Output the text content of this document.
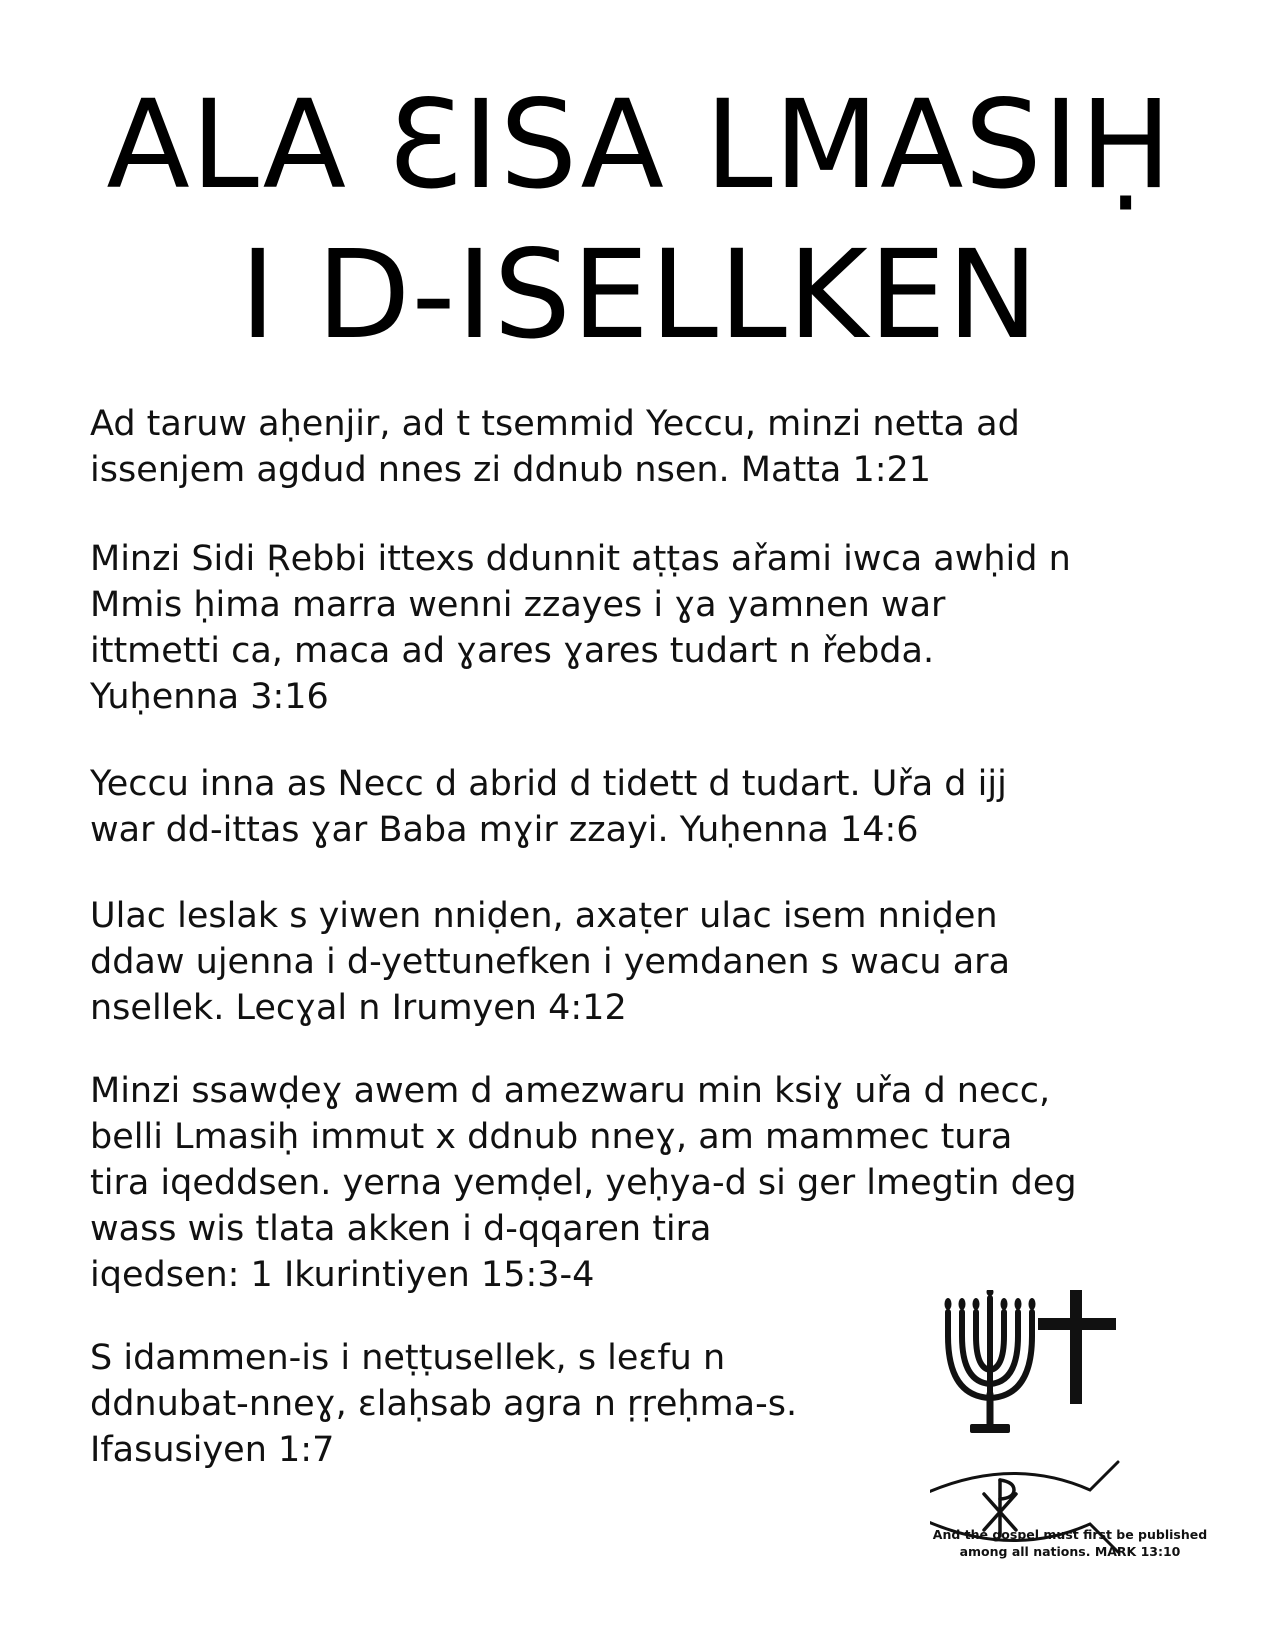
ALA ƐISA LMASIḤ
I D-ISELLKEN

Ad taruw aḥenjir, ad t tsemmid Yeccu, minzi netta ad
issenjem agdud nnes zi ddnub nsen. Matta 1:21

Minzi Sidi Ṛebbi ittexs ddunnit aṭṭas ařami iwca awḥid n
Mmis ḥima marra wenni zzayes i ɣa yamnen war
ittmetti ca, maca ad ɣares ɣares tudart n řebda.
Yuḥenna 3:16

Yeccu inna as Necc d abrid d tidett d tudart. Uřa d ijj
war dd-ittas ɣar Baba mɣir zzayi. Yuḥenna 14:6

Ulac leslak s yiwen nniḍen, axaṭer ulac isem nniḍen
ddaw ujenna i d-yettunefken i yemdanen s wacu ara
nsellek. Lecɣal n Irumyen 4:12

Minzi ssawḍeɣ awem d amezwaru min ksiɣ uřa d necc,
belli Lmasiḥ immut x ddnub nneɣ, am mammec tura
tira iqeddsen. yerna yemḍel, yeḥya-d si ger lmegtin deg
wass wis tlata akken i d-qqaren tira
iqedsen: 1 Ikurintiyen 15:3-4

S idammen-is i neṭṭusellek, s leɛfu n
ddnubat-nneɣ, ɛlaḥsab agra n ṛṛeḥma-s.
Ifasusiyen 1:7

And the gospel must first be published
among all nations. MARK 13:10
